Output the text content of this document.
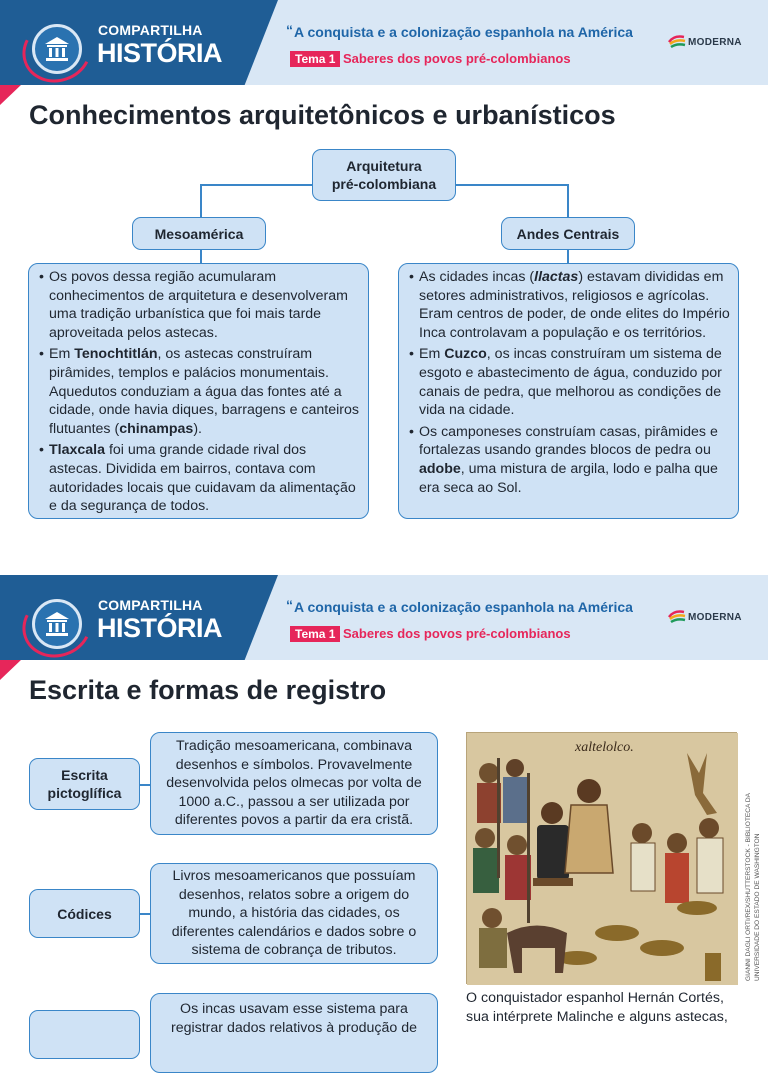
COMPARTILHA
HISTÓRIA
“ A conquista e a colonização espanhola na América
Tema 1 Saberes dos povos pré-colombianos
MODERNA
Conhecimentos arquitetônicos e urbanísticos
Arquitetura
pré-colombiana
Mesoamérica	Andes Centrais
• Os povos dessa região acumularam conhecimentos de arquitetura e desenvolveram uma tradição urbanística que foi mais tarde aproveitada pelos astecas.
• Em Tenochtitlán, os astecas construíram pirâmides, templos e palácios monumentais. Aquedutos conduziam a água das fontes até a cidade, onde havia diques, barragens e canteiros flutuantes (chinampas).
• Tlaxcala foi uma grande cidade rival dos astecas. Dividida em bairros, contava com autoridades locais que cuidavam da alimentação e da segurança de todos.
• As cidades incas (llactas) estavam divididas em setores administrativos, religiosos e agrícolas. Eram centros de poder, de onde elites do Império Inca controlavam a população e os territórios.
• Em Cuzco, os incas construíram um sistema de esgoto e abastecimento de água, conduzido por canais de pedra, que melhorou as condições de vida na cidade.
• Os camponeses construíam casas, pirâmides e fortalezas usando grandes blocos de pedra ou adobe, uma mistura de argila, lodo e palha que era seca ao Sol.
COMPARTILHA
HISTÓRIA
“ A conquista e a colonização espanhola na América
Tema 1 Saberes dos povos pré-colombianos
MODERNA
Escrita e formas de registro
Escrita pictoglífica
Tradição mesoamericana, combinava desenhos e símbolos. Provavelmente desenvolvida pelos olmecas por volta de 1000 a.C., passou a ser utilizada por diferentes povos a partir da era cristã.
Códices
Livros mesoamericanos que possuíam desenhos, relatos sobre a origem do mundo, a história das cidades, os diferentes calendários e dados sobre o sistema de cobrança de tributos.
Os incas usavam esse sistema para registrar dados relativos à produção de
xaltelolco.
GIANNI DAGLI ORTI/REX/SHUTTERSTOCK - BIBLIOTECA DA UNIVERSIDADE DO ESTADO DE WASHINGTON
O conquistador espanhol Hernán Cortés, sua intérprete Malinche e alguns astecas,
